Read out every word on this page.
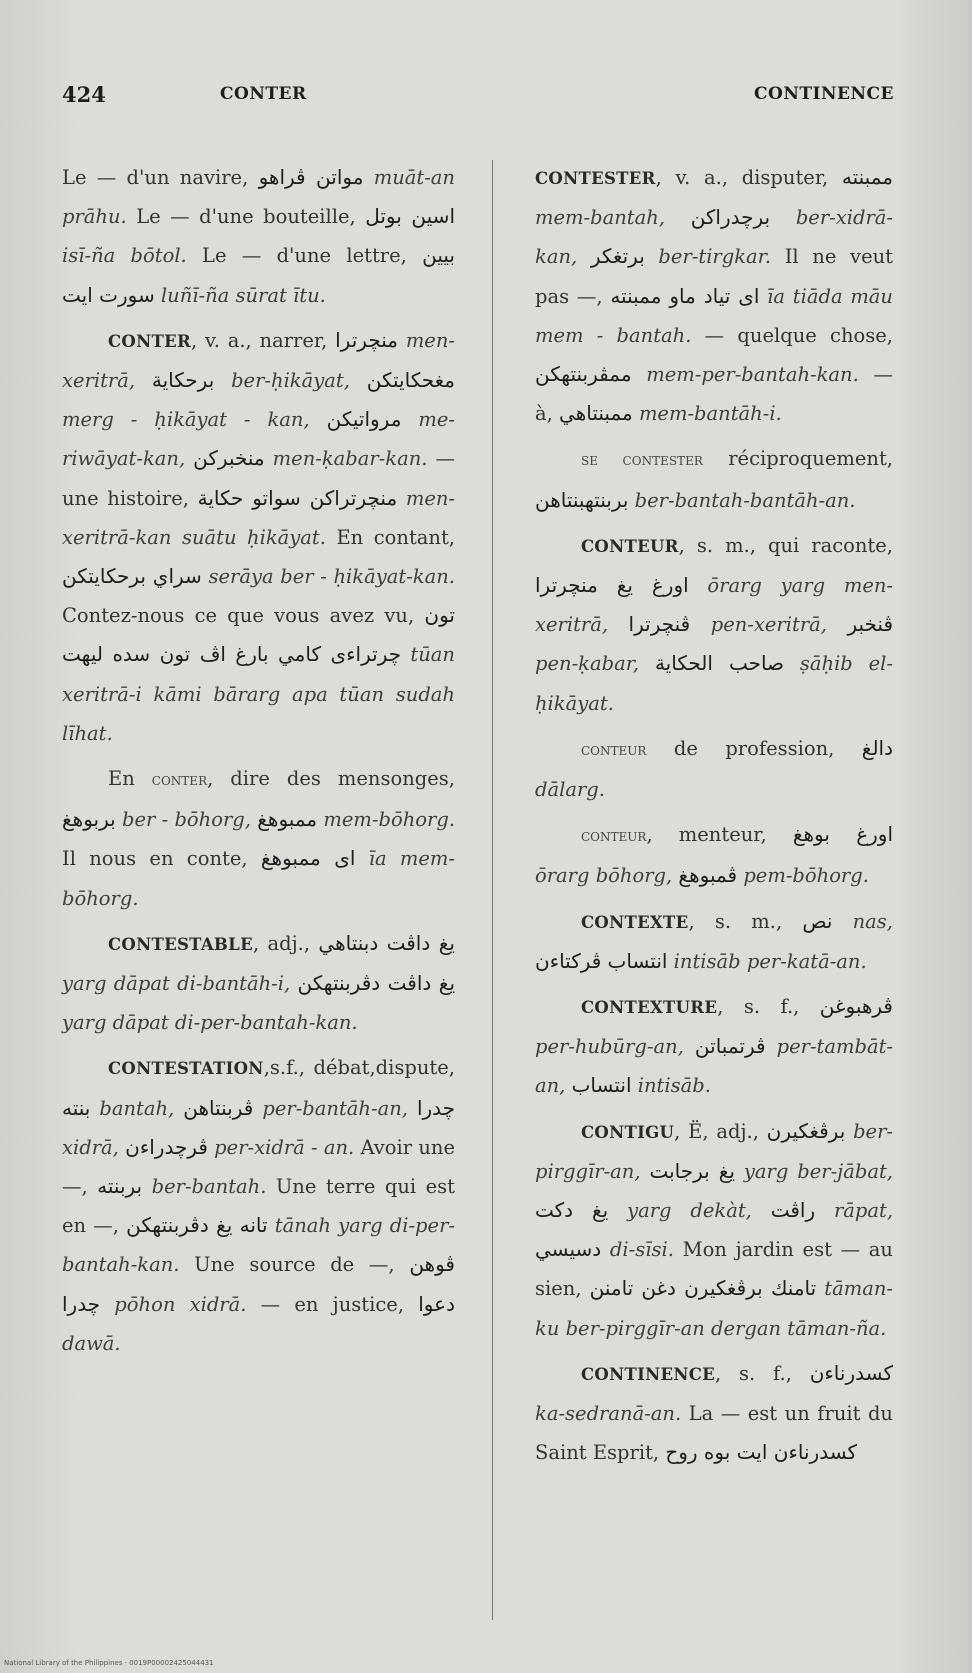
424	CONTER	CONTINENCE

Le — d'un navire, مواتن ڤراهو muāt-an prāhu. Le — d'une bouteille, اسين بوتل isī-ña bōtol. Le — d'une lettre, بيين سورت ايت luñī-ña sūrat ītu.

CONTER, v. a., narrer, منچرترا men-xeritrā, برحكاية ber-ḥikāyat, مغحكايتكن merg - ḥikāyat - kan, مرواتيكن me-riwāyat-kan, منخبركن men-ḳabar-kan. — une histoire, منچرتراكن سواتو حكاية men-xeritrā-kan suātu ḥikāyat. En contant, سراي برحكايتكن serāya ber - ḥikāyat-kan. Contez-nous ce que vous avez vu, تون چرتراءى كامي بارغ اڤ تون سده ليهت	tūan xeritrā-i kāmi bārarg apa tūan sudah līhat.

En conter, dire des mensonges, بربوهغ ber - bōhorg, ممبوهغ mem-bōhorg. Il nous en conte, اى ممبوهغ īa mem-bōhorg.

CONTESTABLE, adj.,	يغ داڤت دبنتاهي yarg dāpat di-bantāh-i, يغ داڤت دڤربنتهكن yarg dāpat di-per-bantah-kan.

CONTESTATION,s.f., débat,dispute, بنته bantah, ڤربنتاهن per-bantāh-an, چدرا xidrā, ڤرچدراءن per-xidrā - an. Avoir une —, بربنته ber-bantah. Une terre qui est en —, تانه يغ دڤربنتهكن tānah yarg di-per-bantah-kan. Une source de —, ڤوهن چدرا pōhon xidrā. — en justice, دعوا dawā.

CONTESTER, v. a., disputer, ممبنته mem-bantah, برچدراكن ber-xidrā-kan, برتغكر ber-tirgkar. Il ne veut pas —, اى تياد ماو ممبنته īa tiāda māu mem - bantah. — quelque chose, ممڤربنتهكن mem-per-bantah-kan. — à, ممبنتاهي mem-bantāh-i.

se contester réciproquement, بربنتهبنتاهن ber-bantah-bantāh-an.

CONTEUR, s. m., qui raconte, اورغ يغ منچرترا ōrarg yarg men-xeritrā, ڤنچرترا pen-xeritrā, ڤنخبر pen-ḳabar, صاحب الحكاية ṣāḥib el-ḥikāyat.

conteur de profession, دالغ dālarg.

conteur, menteur, اورغ بوهغ ōrarg bōhorg, ڤمبوهغ pem-bōhorg.

CONTEXTE, s. m., نص nas, انتساب ڤركتاءن	intisāb per-katā-an.

CONTEXTURE, s. f., ڤرهبوغن per-hubūrg-an, ڤرتمباتن per-tambāt-an, انتساب intisāb.

CONTIGU, Ë, adj., برڤغكيرن ber-pirggīr-an, يغ برجابت yarg ber-jābat, يغ دكت yarg dekàt, راڤت rāpat, دسيسي di-sīsi. Mon jardin est — au sien,	تامنك برڤغكيرن دغن تامنن	tāman-ku ber-pirggīr-an dergan tāman-ña.

CONTINENCE, s. f., كسدرناءن ka-sedranā-an. La — est un fruit du Saint Esprit, كسدرناءن ايت بوه روح

National Library of the Philippines · 0019P00002425044431
